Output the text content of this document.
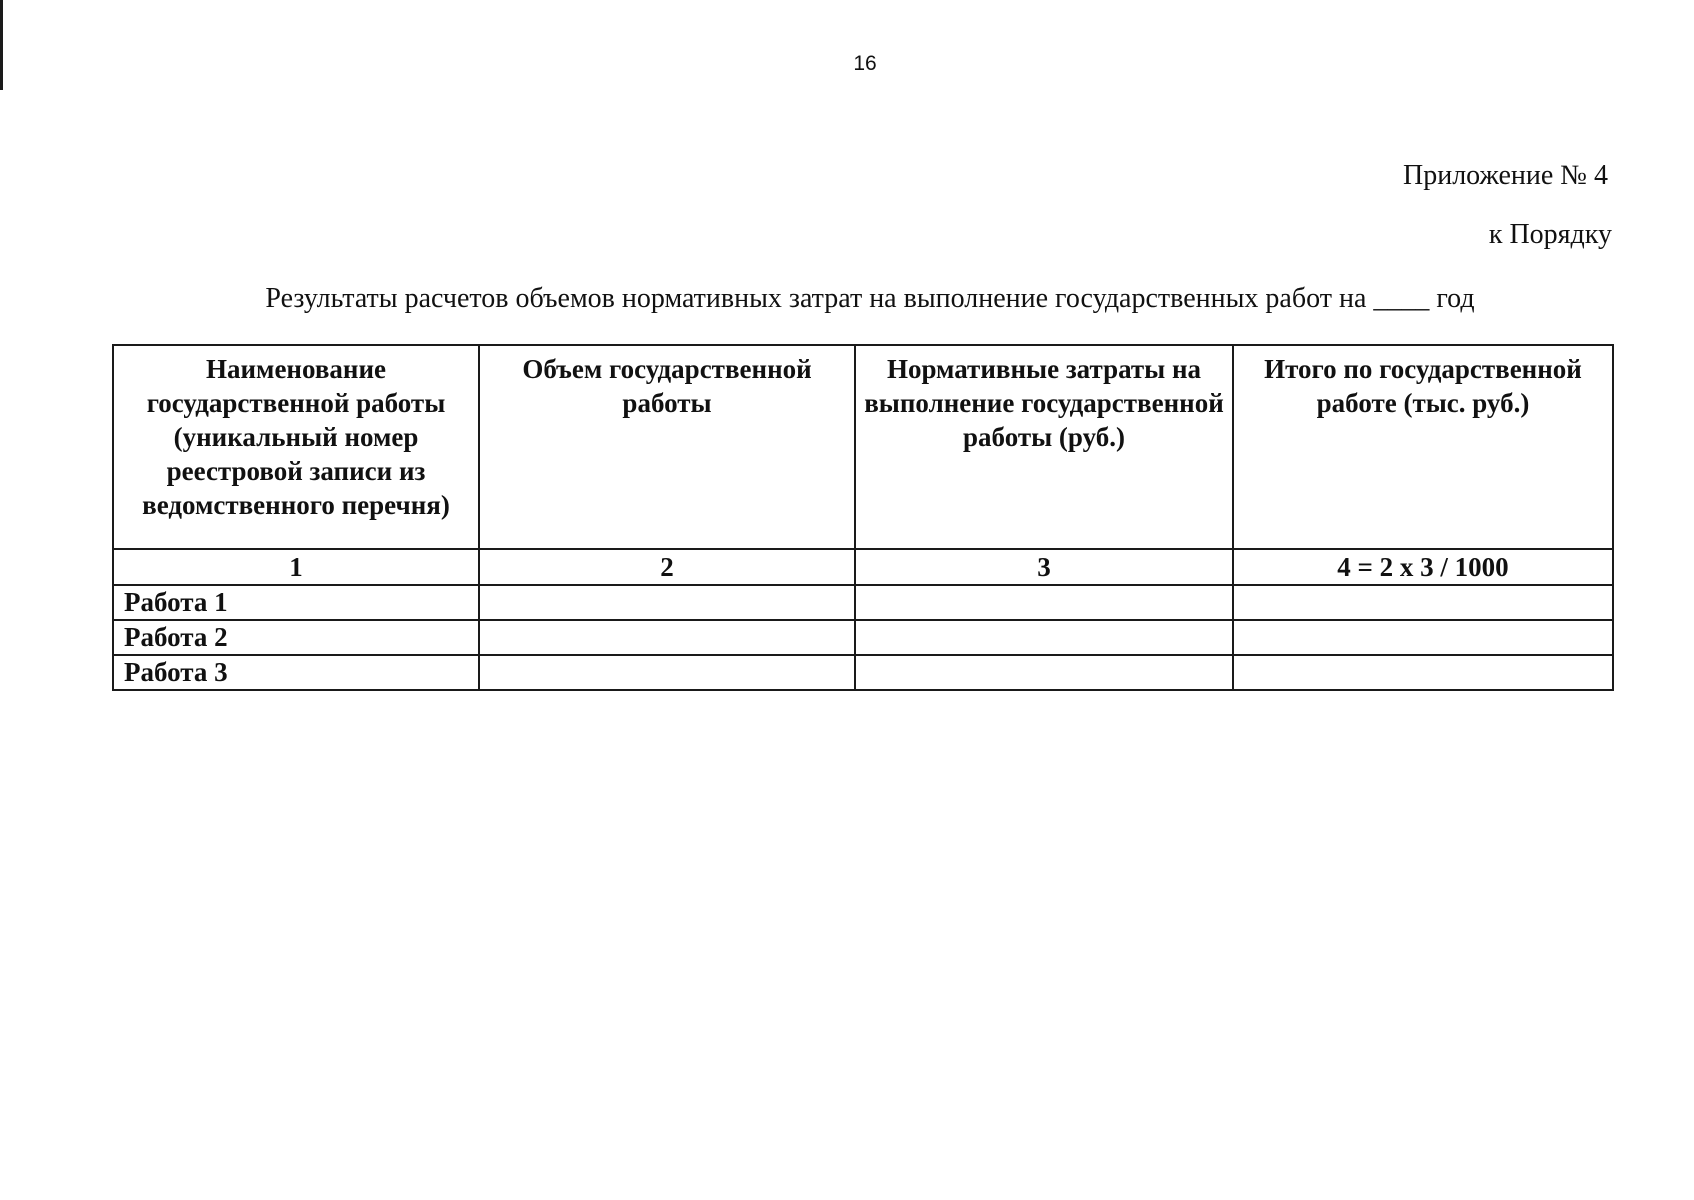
16
Приложение № 4
к Порядку
Результаты расчетов объемов нормативных затрат на выполнение государственных работ на ____ год
Наименование государственной работы (уникальный номер реестровой записи из ведомственного перечня)	Объем государственной работы	Нормативные затраты на выполнение государственной работы (руб.)	Итого по государственной работе (тыс. руб.)
1	2	3	4 = 2 x 3 / 1000
Работа 1			
Работа 2			
Работа 3			
